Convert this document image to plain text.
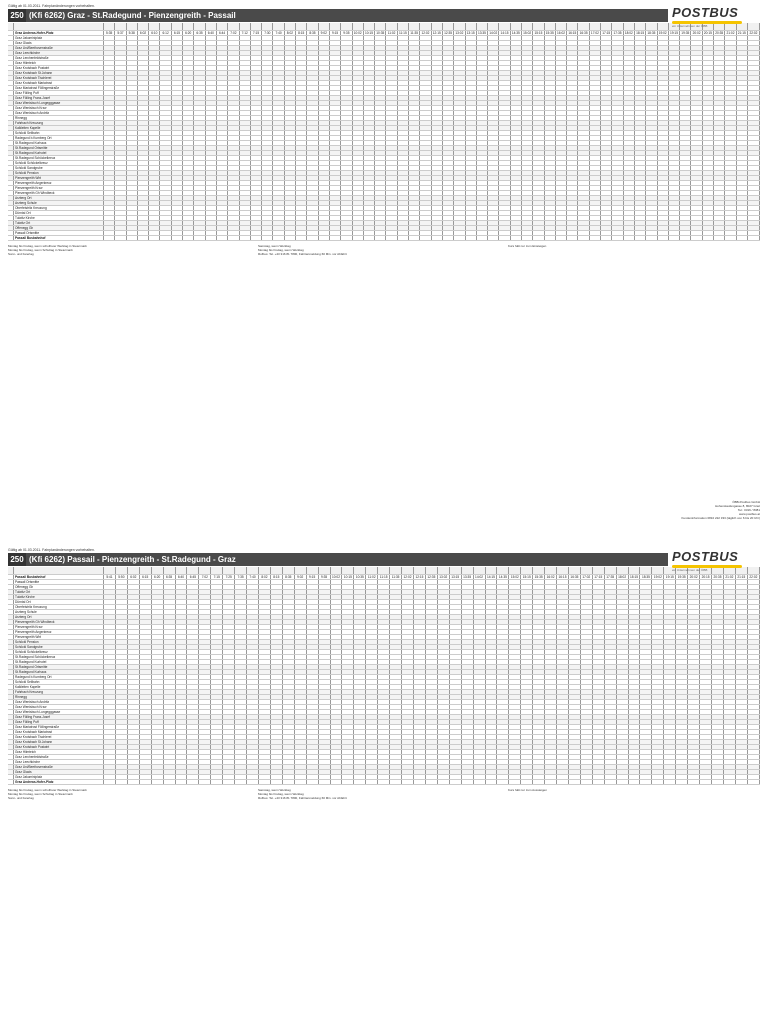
Gültig ab 01.03.2011. Fahrplanänderungen vorbehalten.
250 (Kfi 6262) Graz - St.Radegund - Pienzengreith - Passail	POSTBUS
ein Unternehmen der ÖBB

	Graz Andreas-Hofer-Platz	5:35	5:37	5:38	6:02	6:10	6:12	6:15	6:20	6:35	6:40	6:44	7:02	7:12	7:15	7:30	7:40	8:02	8:15	8:35	9:02	9:15	9:35	10:02	10:15	10:35	11:02	11:15	11:35	12:02	12:15	12:35	13:02	13:15	13:35	14:02	14:15	14:35	15:02	15:15	15:35	16:02	16:15	16:35	17:02	17:15	17:35	18:02	18:15	18:35	19:02	19:15	19:35	20:02	20:15	20:35	21:02	21:15	22:02
	Graz Jakominiplatz																																																										
	Graz Glacis																																																										
	Graz Uni/Beethovenstraße																																																										
	Graz Leechkirche																																																										
	Graz Lerchenfeldstraße																																																										
	Graz Hilmteich																																																										
	Graz Kroisbach Postwirt																																																										
	Graz Kroisbach St.Johann																																																										
	Graz Kroisbach Tischlerei																																																										
	Graz Kroisbach Mariatrost																																																										
	Graz Mariatrost Föllingerstraße																																																										
	Graz Fölling Puff																																																										
	Graz Fölling Franz-Josef																																																										
	Graz Wenisbuch Lungegggasse																																																										
	Graz Wenisbuch Krzw																																																										
	Graz Wenisbuch Andritz																																																										
	Rinnegg																																																										
	Fahrbach Kreuzung																																																										
	Kalkleiten Kapelle																																																										
	Schöckl Seilbahn																																																										
	Radegund b.Kumberg Ort																																																										
	St.Radegund Kurhaus																																																										
	St.Radegund Ortsmitte																																																										
	St.Radegund Kurhotel																																																										
	St.Radegund Schöckelkreuz																																																										
	Schöckl Schöckelkreuz																																																										
	Schöckl Sandgrube																																																										
	Schöckl Pension																																																										
	Pienzengreith Wirt																																																										
	Pienzengreith Angerkreuz																																																										
	Pienzengreith Krzw																																																										
	Pienzengreith Gh Windbeck																																																										
	Arzberg Ort																																																										
	Arzberg Schule																																																										
	Oberfeistritz Kreuzung																																																										
	Dürntal Ort																																																										
	Tulwitz Kirche																																																										
	Tulwitz Ort																																																										
	Offenegg Gh																																																										
	Passail Ortsmitte																																																										
	Passail Busbahnhof																																																										
Montag bis Freitag, wenn schulfreier Werktag in Steiermark
Montag bis Freitag, wenn Schultag in Steiermark
Sonn- und Feiertag
Samstag, wenn Werktag
Montag bis Freitag, wenn Werktag
Rufbus: Tel. +43 316 81 7800, Fahrtanmeldung 60 Min. vor Abfahrt
Kurs hält nur zum Einsteigen
ÖBB-Postbus GmbH
Hohenstaufengasse 8, 8027 Graz
Tel.: 0316 / 8381
www.postbus.at
Kundeninformation 0810 222 333 (täglich von 6 bis 20 Uhr)
Gültig ab 01.03.2011. Fahrplanänderungen vorbehalten.
250 (Kfi 6262) Passail - Pienzengreith - St.Radegund - Graz	POSTBUS
ein Unternehmen der ÖBB

	Passail Busbahnhof	5:41	5:50	6:02	6:15	6:20	6:35	6:40	6:45	7:02	7:15	7:25	7:35	7:40	8:02	8:15	8:35	9:02	9:15	9:35	10:02	10:15	10:35	11:02	11:15	11:35	12:02	12:15	12:35	13:02	13:15	13:35	14:02	14:15	14:35	15:02	15:15	15:35	16:02	16:15	16:35	17:02	17:15	17:35	18:02	18:15	18:35	19:02	19:15	19:35	20:02	20:15	20:35	21:02	21:15	22:02
	Passail Ortsmitte																																																							
	Offenegg Gh																																																							
	Tulwitz Ort																																																							
	Tulwitz Kirche																																																							
	Dürntal Ort																																																							
	Oberfeistritz Kreuzung																																																							
	Arzberg Schule																																																							
	Arzberg Ort																																																							
	Pienzengreith Gh Windbeck																																																							
	Pienzengreith Krzw																																																							
	Pienzengreith Angerkreuz																																																							
	Pienzengreith Wirt																																																							
	Schöckl Pension																																																							
	Schöckl Sandgrube																																																							
	Schöckl Schöckelkreuz																																																							
	St.Radegund Schöckelkreuz																																																							
	St.Radegund Kurhotel																																																							
	St.Radegund Ortsmitte																																																							
	St.Radegund Kurhaus																																																							
	Radegund b.Kumberg Ort																																																							
	Schöckl Seilbahn																																																							
	Kalkleiten Kapelle																																																							
	Fahrbach Kreuzung																																																							
	Rinnegg																																																							
	Graz Wenisbuch Andritz																																																							
	Graz Wenisbuch Krzw																																																							
	Graz Wenisbuch Lungegggasse																																																							
	Graz Fölling Franz-Josef																																																							
	Graz Fölling Puff																																																							
	Graz Mariatrost Föllingerstraße																																																							
	Graz Kroisbach Mariatrost																																																							
	Graz Kroisbach Tischlerei																																																							
	Graz Kroisbach St.Johann																																																							
	Graz Kroisbach Postwirt																																																							
	Graz Hilmteich																																																							
	Graz Lerchenfeldstraße																																																							
	Graz Leechkirche																																																							
	Graz Uni/Beethovenstraße																																																							
	Graz Glacis																																																							
	Graz Jakominiplatz																																																							
	Graz Andreas-Hofer-Platz																																																							
Montag bis Freitag, wenn schulfreier Werktag in Steiermark
Montag bis Freitag, wenn Schultag in Steiermark
Sonn- und Feiertag
Samstag, wenn Werktag
Montag bis Freitag, wenn Werktag
Rufbus: Tel. +43 316 81 7800, Fahrtanmeldung 60 Min. vor Abfahrt
Kurs hält nur zum Aussteigen
